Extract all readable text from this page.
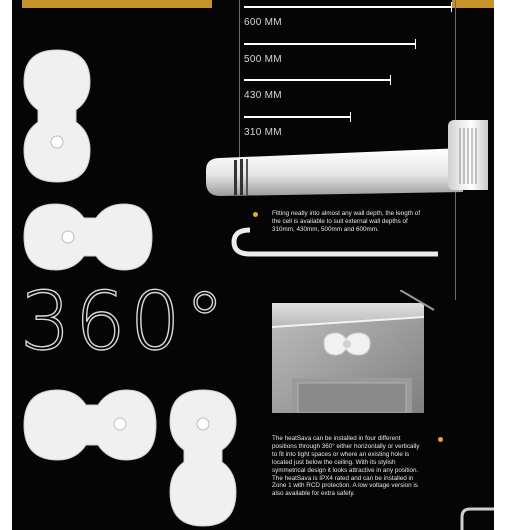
600 MM
500 MM
430 MM
310 MM
Fitting neatly into almost any wall depth, the length of the cell is available to suit external wall depths of 310mm, 430mm, 500mm and 600mm.
360°
The heatSava can be installed in four different positions through 360° either horizontally or vertically to fit into tight spaces or where an existing hole is located just below the ceiling. With its stylish symmetrical design it looks attractive in any position. The heatSava is IPX4 rated and can be installed in Zone 1 with RCD protection. A low voltage version is also available for extra safety.
